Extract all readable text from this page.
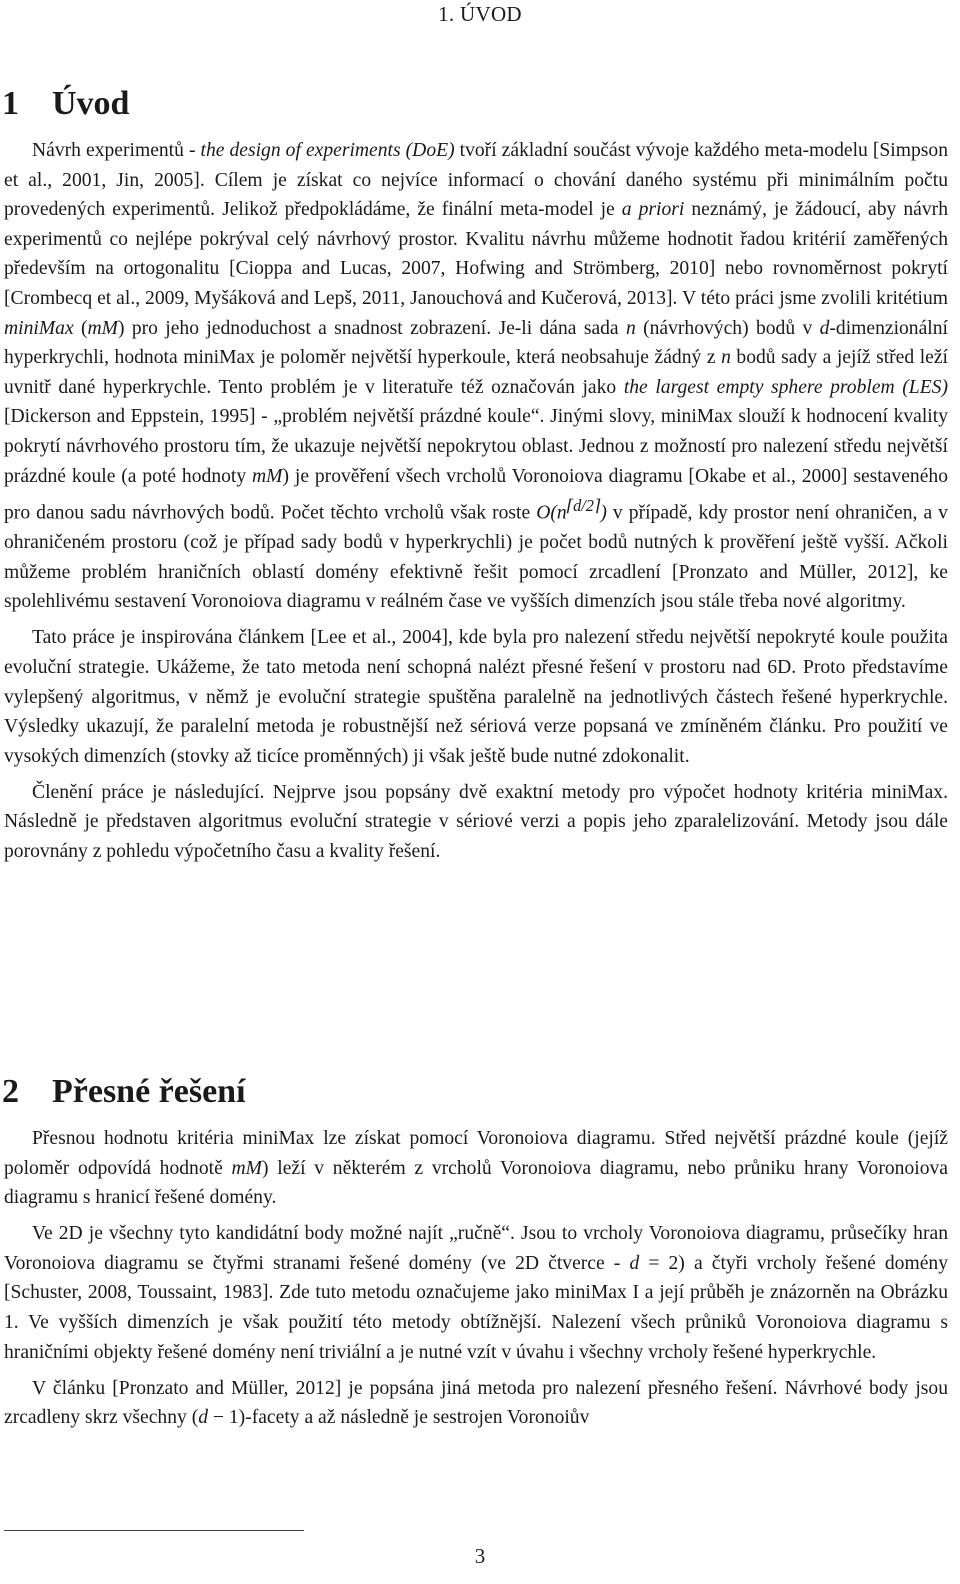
1. ÚVOD
1 Úvod

Návrh experimentů - the design of experiments (DoE) tvoří základní součást vývoje každého meta-modelu [Simpson et al., 2001, Jin, 2005]. Cílem je získat co nejvíce informací o chování daného systému při minimálním počtu provedených experimentů. Jelikož předpokládáme, že finální meta-model je a priori neznámý, je žádoucí, aby návrh experimentů co nejlépe pokrýval celý návrhový prostor. Kvalitu návrhu můžeme hodnotit řadou kritérií zaměřených především na ortogonalitu [Cioppa and Lucas, 2007, Hofwing and Strömberg, 2010] nebo rovnoměrnost pokrytí [Crombecq et al., 2009, Myšáková and Lepš, 2011, Janouchová and Kučerová, 2013]. V této práci jsme zvolili kritétium miniMax (mM) pro jeho jednoduchost a snadnost zobrazení. Je-li dána sada n (návrhových) bodů v d-dimenzionální hyperkrychli, hodnota miniMax je poloměr největší hyperkoule, která neobsahuje žádný z n bodů sady a jejíž střed leží uvnitř dané hyperkrychle. Tento problém je v literatuře též označován jako the largest empty sphere problem (LES) [Dickerson and Eppstein, 1995] - „problém největší prázdné koule“. Jinými slovy, miniMax slouží k hodnocení kvality pokrytí návrhového prostoru tím, že ukazuje největší nepokrytou oblast. Jednou z možností pro nalezení středu největší prázdné koule (a poté hodnoty mM) je prověření všech vrcholů Voronoiova diagramu [Okabe et al., 2000] sestaveného pro danou sadu návrhových bodů. Počet těchto vrcholů však roste $O(n^{⌈d/2⌉})$ v případě, kdy prostor není ohraničen, a v ohraničeném prostoru (což je případ sady bodů v hyperkrychli) je počet bodů nutných k prověření ještě vyšší. Ačkoli můžeme problém hraničních oblastí domény efektivně řešit pomocí zrcadlení [Pronzato and Müller, 2012], ke spolehlivému sestavení Voronoiova diagramu v reálném čase ve vyšších dimenzích jsou stále třeba nové algoritmy.

Tato práce je inspirována článkem [Lee et al., 2004], kde byla pro nalezení středu největší nepokryté koule použita evoluční strategie. Ukážeme, že tato metoda není schopná nalézt přesné řešení v prostoru nad 6D. Proto představíme vylepšený algoritmus, v němž je evoluční strategie spuštěna paralelně na jednotlivých částech řešené hyperkrychle. Výsledky ukazují, že paralelní metoda je robustnější než sériová verze popsaná ve zmíněném článku. Pro použití ve vysokých dimenzích (stovky až ticíce proměnných) ji však ještě bude nutné zdokonalit.

Členění práce je následující. Nejprve jsou popsány dvě exaktní metody pro výpočet hodnoty kritéria miniMax. Následně je představen algoritmus evoluční strategie v sériové verzi a popis jeho zparalelizování. Metody jsou dále porovnány z pohledu výpočetního času a kvality řešení.

2 Přesné řešení

Přesnou hodnotu kritéria miniMax lze získat pomocí Voronoiova diagramu. Střed největší prázdné koule (jejíž poloměr odpovídá hodnotě mM) leží v některém z vrcholů Voronoiova diagramu, nebo průniku hrany Voronoiova diagramu s hranicí řešené domény.

Ve 2D je všechny tyto kandidátní body možné najít „ručně“. Jsou to vrcholy Voronoiova diagramu, průsečíky hran Voronoiova diagramu se čtyřmi stranami řešené domény (ve 2D čtverce - d = 2) a čtyři vrcholy řešené domény [Schuster, 2008, Toussaint, 1983]. Zde tuto metodu označujeme jako miniMax I a její průběh je znázorněn na Obrázku 1. Ve vyšších dimenzích je však použití této metody obtížnější. Nalezení všech průniků Voronoiova diagramu s hraničními objekty řešené domény není triviální a je nutné vzít v úvahu i všechny vrcholy řešené hyperkrychle.

V článku [Pronzato and Müller, 2012] je popsána jiná metoda pro nalezení přesného řešení. Návrhové body jsou zrcadleny skrz všechny (d − 1)-facety a až následně je sestrojen Voronoiův

3
